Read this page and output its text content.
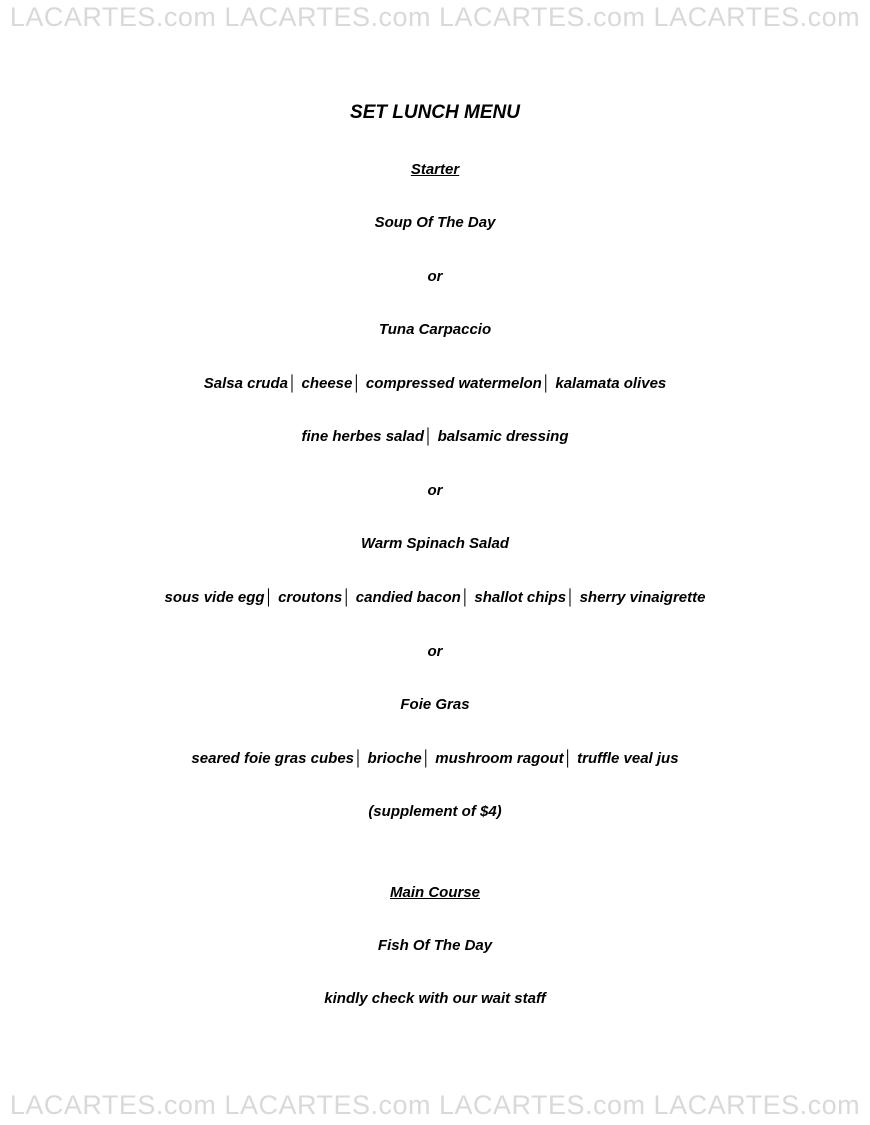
LACARTES.com LACARTES.com LACARTES.com LACARTES.com
SET LUNCH MENU
Starter
Soup Of The Day
or
Tuna Carpaccio
Salsa cruda│ cheese│ compressed watermelon│ kalamata olives
fine herbes salad│ balsamic dressing
or
Warm Spinach Salad
sous vide egg│ croutons│ candied bacon│ shallot chips│ sherry vinaigrette
or
Foie Gras
seared foie gras cubes│ brioche│ mushroom ragout│ truffle veal jus
(supplement of $4)
Main Course
Fish Of The Day
kindly check with our wait staff
LACARTES.com LACARTES.com LACARTES.com LACARTES.com
